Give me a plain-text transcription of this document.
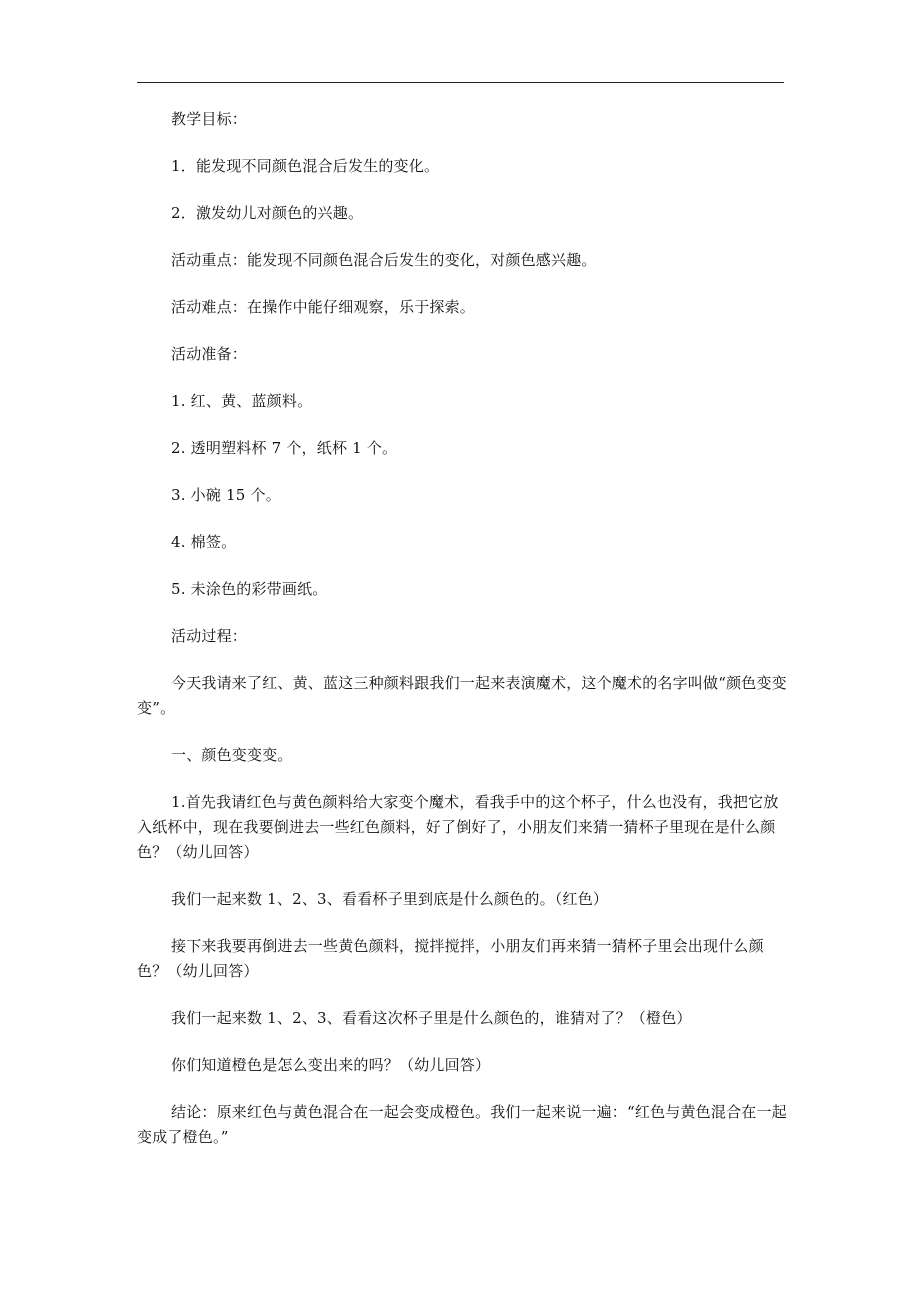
教学目标：

1．能发现不同颜色混合后发生的变化。

2．激发幼儿对颜色的兴趣。

活动重点：能发现不同颜色混合后发生的变化，对颜色感兴趣。

活动难点：在操作中能仔细观察，乐于探索。

活动准备：

1. 红、黄、蓝颜料。

2. 透明塑料杯 7 个，纸杯 1 个。

3. 小碗 15 个。

4. 棉签。

5. 未涂色的彩带画纸。

活动过程：

今天我请来了红、黄、蓝这三种颜料跟我们一起来表演魔术，这个魔术的名字叫做“颜色变变变”。

一、颜色变变变。

1.首先我请红色与黄色颜料给大家变个魔术，看我手中的这个杯子，什么也没有，我把它放入纸杯中，现在我要倒进去一些红色颜料，好了倒好了，小朋友们来猜一猜杯子里现在是什么颜色？（幼儿回答）

我们一起来数 1、2、3、看看杯子里到底是什么颜色的。（红色）

接下来我要再倒进去一些黄色颜料，搅拌搅拌，小朋友们再来猜一猜杯子里会出现什么颜色？（幼儿回答）

我们一起来数 1、2、3、看看这次杯子里是什么颜色的，谁猜对了？（橙色）

你们知道橙色是怎么变出来的吗？（幼儿回答）

结论：原来红色与黄色混合在一起会变成橙色。我们一起来说一遍：“红色与黄色混合在一起变成了橙色。”
